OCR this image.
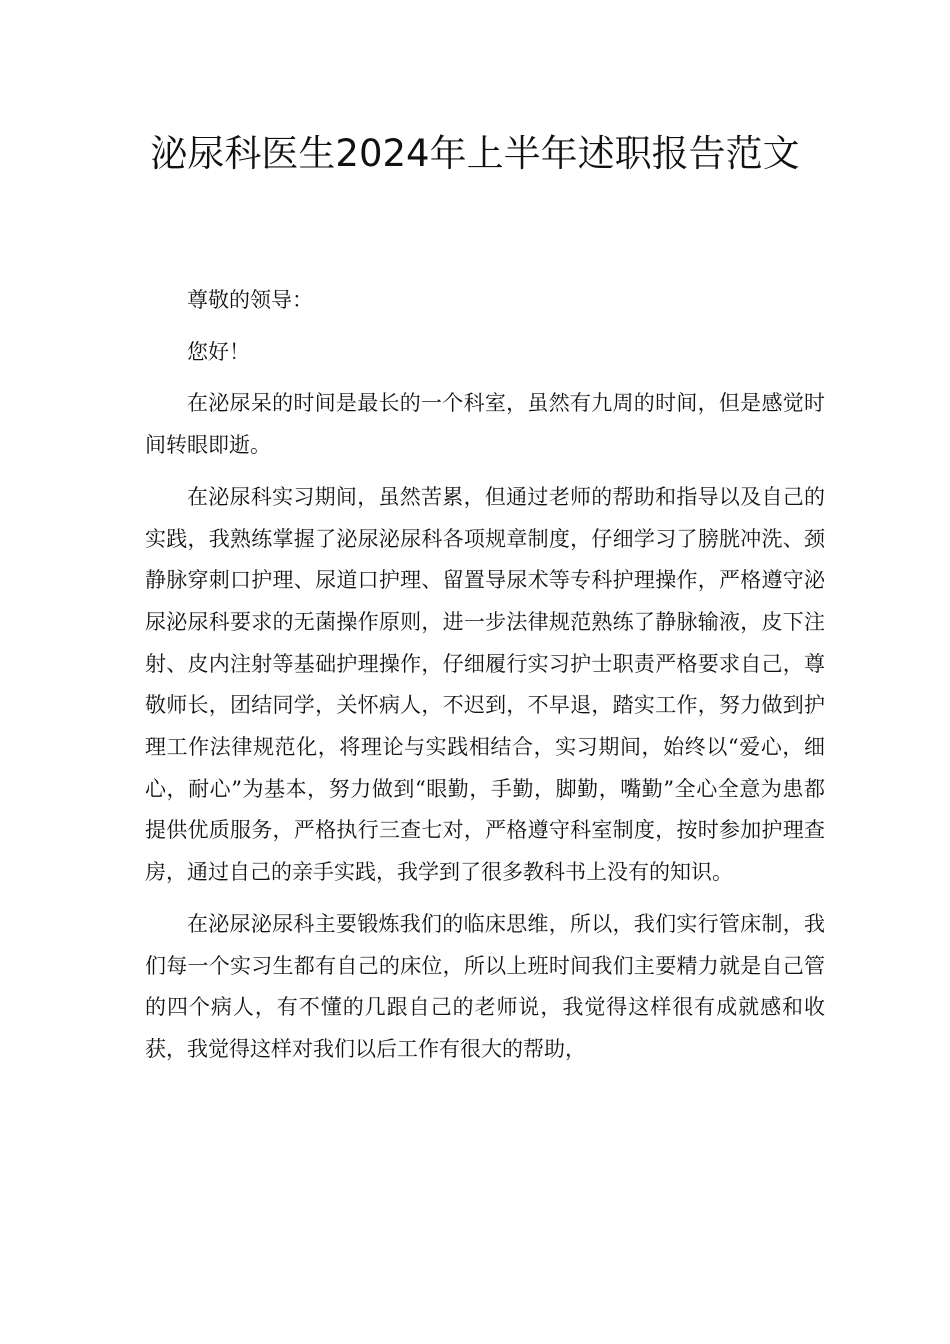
泌尿科医生2024年上半年述职报告范文

尊敬的领导：

您好！

在泌尿呆的时间是最长的一个科室，虽然有九周的时间，但是感觉时间转眼即逝。

在泌尿科实习期间，虽然苦累，但通过老师的帮助和指导以及自己的实践，我熟练掌握了泌尿泌尿科各项规章制度，仔细学习了膀胱冲洗、颈静脉穿刺口护理、尿道口护理、留置导尿术等专科护理操作，严格遵守泌尿泌尿科要求的无菌操作原则，进一步法律规范熟练了静脉输液，皮下注射、皮内注射等基础护理操作，仔细履行实习护士职责严格要求自己，尊敬师长，团结同学，关怀病人，不迟到，不早退，踏实工作，努力做到护理工作法律规范化，将理论与实践相结合，实习期间，始终以“爱心，细心，耐心”为基本，努力做到“眼勤，手勤，脚勤，嘴勤”全心全意为患都提供优质服务，严格执行三查七对，严格遵守科室制度，按时参加护理查房，通过自己的亲手实践，我学到了很多教科书上没有的知识。

在泌尿泌尿科主要锻炼我们的临床思维，所以，我们实行管床制，我们每一个实习生都有自己的床位，所以上班时间我们主要精力就是自己管的四个病人，有不懂的几跟自己的老师说，我觉得这样很有成就感和收获，我觉得这样对我们以后工作有很大的帮助，
